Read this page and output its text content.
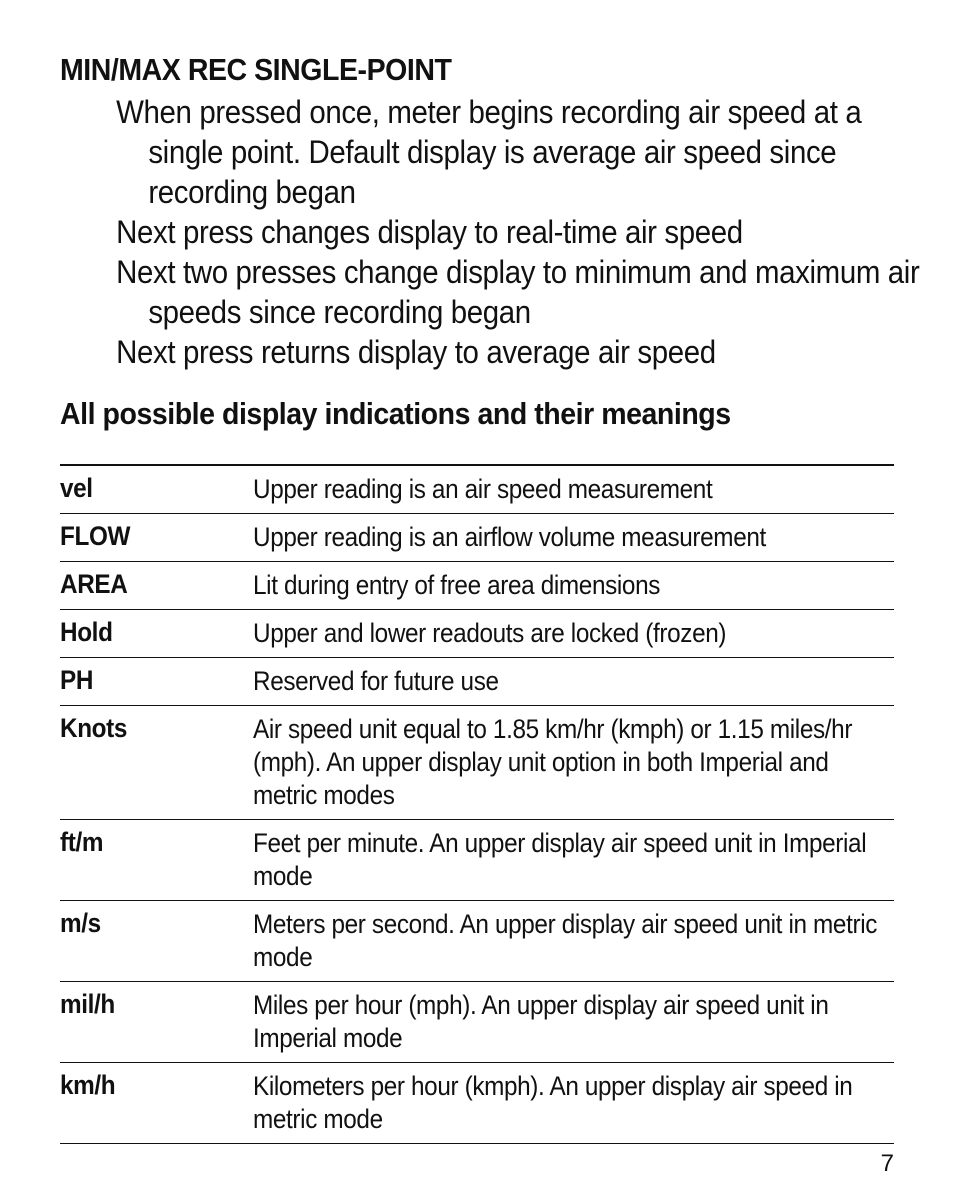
MIN/MAX REC SINGLE-POINT
When pressed once, meter begins recording air speed at a single point. Default display is average air speed since recording began
Next press changes display to real-time air speed
Next two presses change display to minimum and maximum air speeds since recording began
Next press returns display to average air speed
All possible display indications and their meanings
vel	Upper reading is an air speed measurement
FLOW	Upper reading is an airflow volume measurement
AREA	Lit during entry of free area dimensions
Hold	Upper and lower readouts are locked (frozen)
PH	Reserved for future use
Knots	Air speed unit equal to 1.85 km/hr (kmph) or 1.15 miles/hr (mph). An upper display unit option in both Imperial and metric modes
ft/m	Feet per minute. An upper display air speed unit in Imperial mode
m/s	Meters per second. An upper display air speed unit in metric mode
mil/h	Miles per hour (mph). An upper display air speed unit in Imperial mode
km/h	Kilometers per hour (kmph). An upper display air speed in metric mode
7
